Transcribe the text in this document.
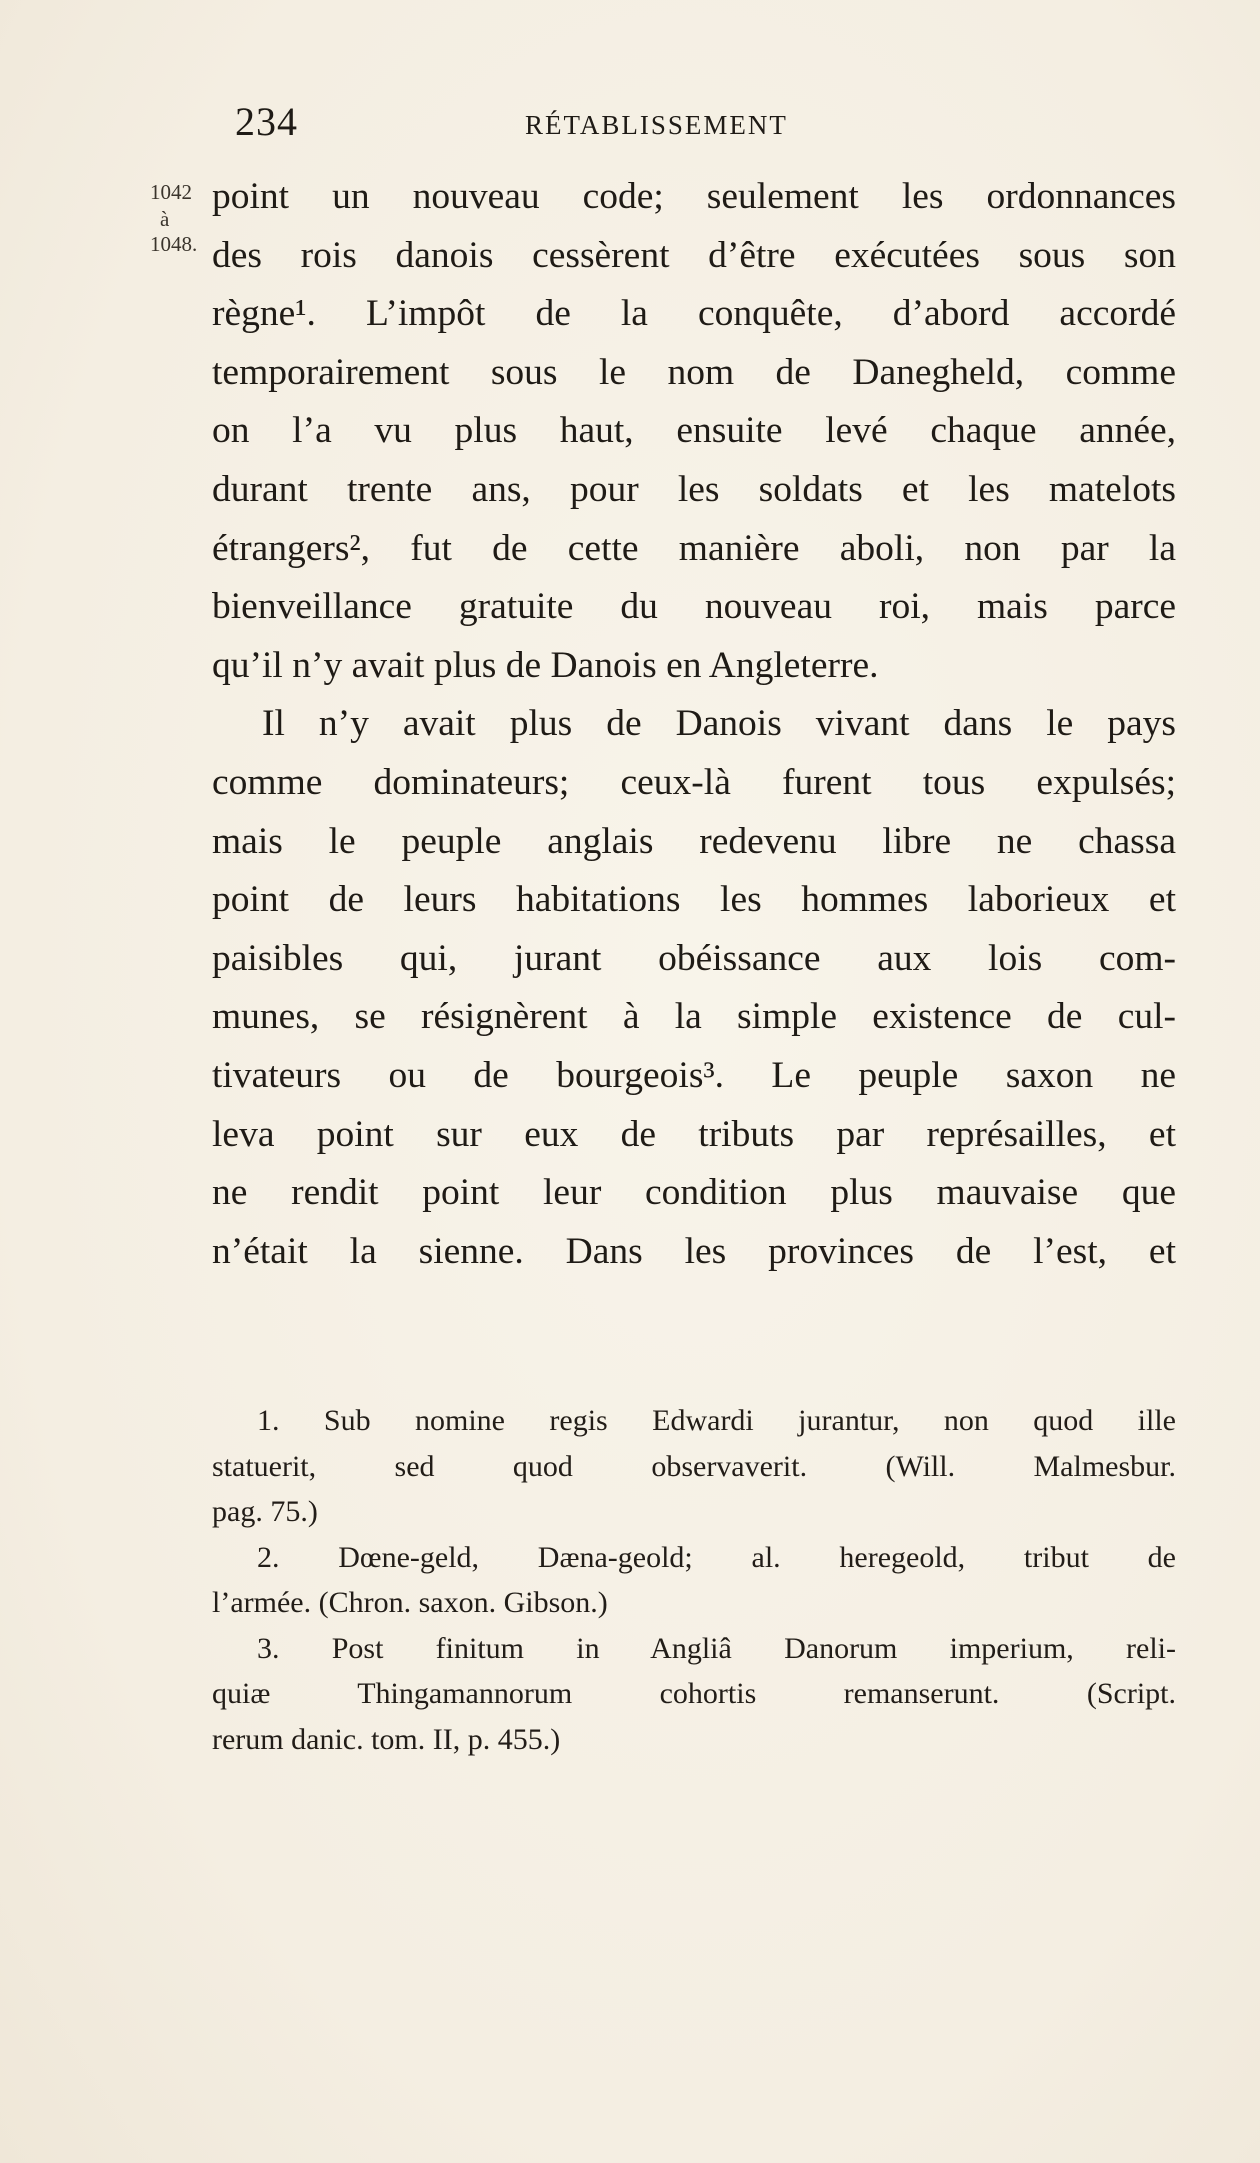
234	RÉTABLISSEMENT
1042
à
1048.
point un nouveau code; seulement les ordonnances
des rois danois cessèrent d’être exécutées sous son
règne¹. L’impôt de la conquête, d’abord accordé
temporairement sous le nom de Danegheld, comme
on l’a vu plus haut, ensuite levé chaque année,
durant trente ans, pour les soldats et les matelots
étrangers², fut de cette manière aboli, non par la
bienveillance gratuite du nouveau roi, mais parce
qu’il n’y avait plus de Danois en Angleterre.
Il n’y avait plus de Danois vivant dans le pays
comme dominateurs; ceux-là furent tous expulsés;
mais le peuple anglais redevenu libre ne chassa
point de leurs habitations les hommes laborieux et
paisibles qui, jurant obéissance aux lois com-
munes, se résignèrent à la simple existence de cul-
tivateurs ou de bourgeois³. Le peuple saxon ne
leva point sur eux de tributs par représailles, et
ne rendit point leur condition plus mauvaise que
n’était la sienne. Dans les provinces de l’est, et
1. Sub nomine regis Edwardi jurantur, non quod ille
statuerit, sed quod observaverit. (Will. Malmesbur.
pag. 75.)
2. Dœne-geld, Dæna-geold; al. heregeold, tribut de
l’armée. (Chron. saxon. Gibson.)
3. Post finitum in Angliâ Danorum imperium, reli-
quiæ Thingamannorum cohortis remanserunt. (Script.
rerum danic. tom. II, p. 455.)
